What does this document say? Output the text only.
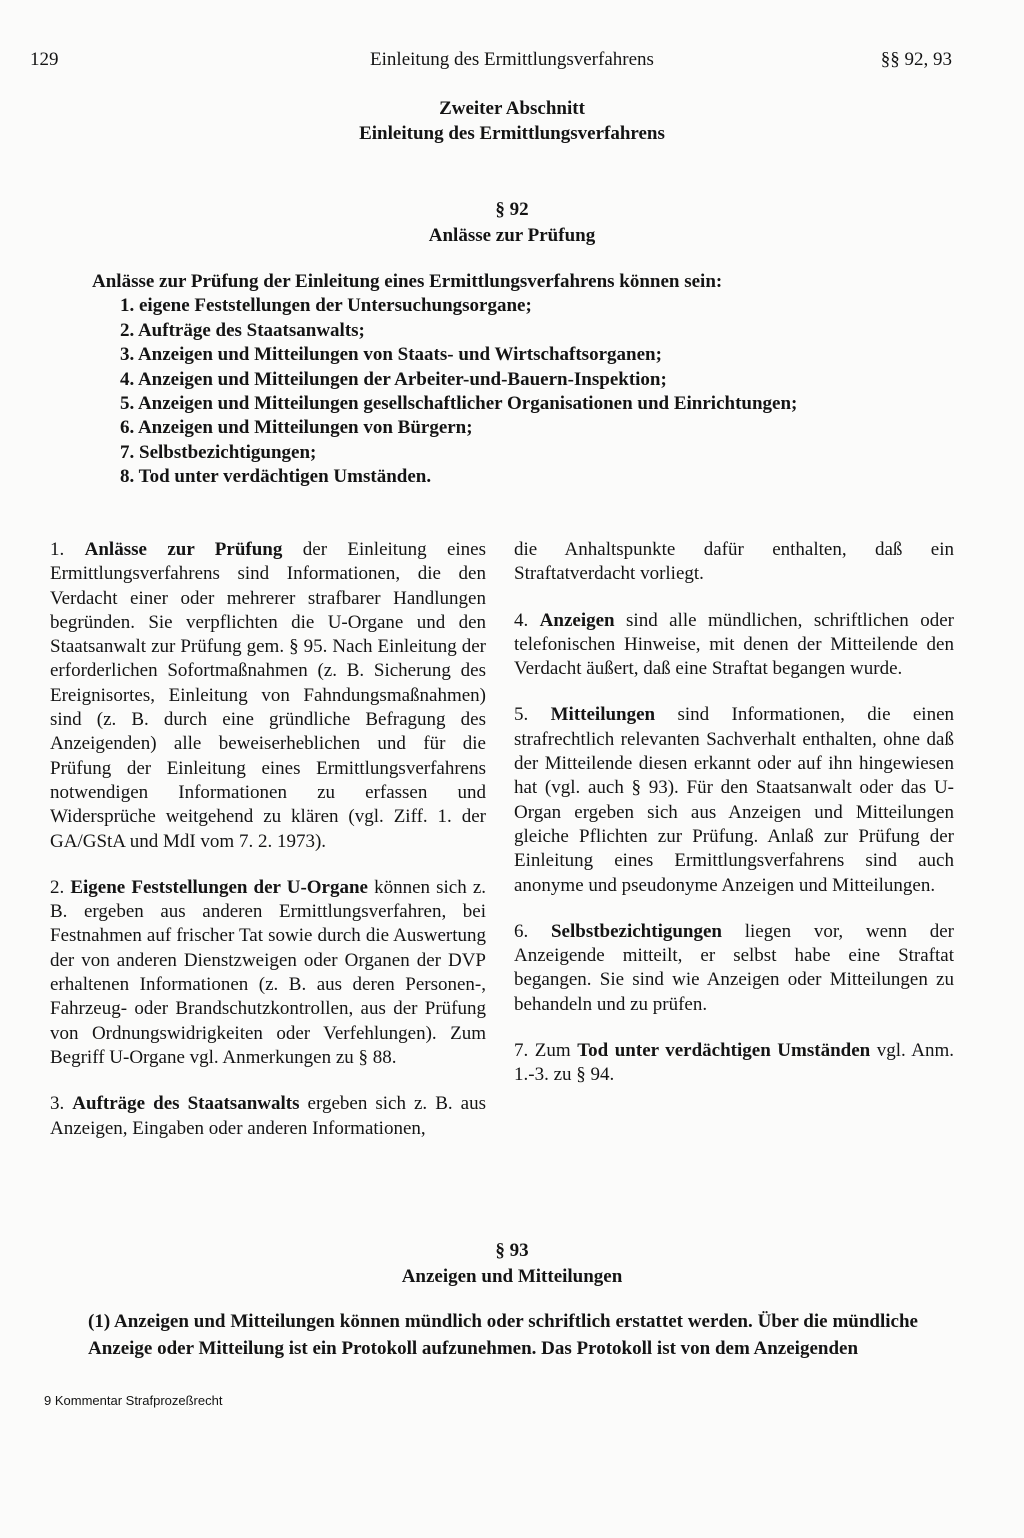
129	Einleitung des Ermittlungsverfahrens	§§ 92, 93
Zweiter Abschnitt
Einleitung des Ermittlungsverfahrens
§ 92
Anlässe zur Prüfung
Anlässe zur Prüfung der Einleitung eines Ermittlungsverfahrens können sein:
1. eigene Feststellungen der Untersuchungsorgane;
2. Aufträge des Staatsanwalts;
3. Anzeigen und Mitteilungen von Staats- und Wirtschaftsorganen;
4. Anzeigen und Mitteilungen der Arbeiter-und-Bauern-Inspektion;
5. Anzeigen und Mitteilungen gesellschaftlicher Organisationen und Einrichtungen;
6. Anzeigen und Mitteilungen von Bürgern;
7. Selbstbezichtigungen;
8. Tod unter verdächtigen Umständen.

1. Anlässe zur Prüfung der Einleitung eines Ermittlungsverfahrens sind Informationen, die den Verdacht einer oder mehrerer strafbarer Handlungen begründen. Sie verpflichten die U-Organe und den Staatsanwalt zur Prüfung gem. § 95. Nach Einleitung der erforderlichen Sofortmaßnahmen (z. B. Sicherung des Ereignisortes, Einleitung von Fahndungsmaßnahmen) sind (z. B. durch eine gründliche Befragung des Anzeigenden) alle beweiserheblichen und für die Prüfung der Einleitung eines Ermittlungsverfahrens notwendigen Informationen zu erfassen und Widersprüche weitgehend zu klären (vgl. Ziff. 1. der GA/GStA und MdI vom 7. 2. 1973).

2. Eigene Feststellungen der U-Organe können sich z. B. ergeben aus anderen Ermittlungsverfahren, bei Festnahmen auf frischer Tat sowie durch die Auswertung der von anderen Dienstzweigen oder Organen der DVP erhaltenen Informationen (z. B. aus deren Personen-, Fahrzeug- oder Brandschutzkontrollen, aus der Prüfung von Ordnungswidrigkeiten oder Verfehlungen). Zum Begriff U-Organe vgl. Anmerkungen zu § 88.

3. Aufträge des Staatsanwalts ergeben sich z. B. aus Anzeigen, Eingaben oder anderen Informationen,

die Anhaltspunkte dafür enthalten, daß ein Straftatverdacht vorliegt.

4. Anzeigen sind alle mündlichen, schriftlichen oder telefonischen Hinweise, mit denen der Mitteilende den Verdacht äußert, daß eine Straftat begangen wurde.

5. Mitteilungen sind Informationen, die einen strafrechtlich relevanten Sachverhalt enthalten, ohne daß der Mitteilende diesen erkannt oder auf ihn hingewiesen hat (vgl. auch § 93). Für den Staatsanwalt oder das U-Organ ergeben sich aus Anzeigen und Mitteilungen gleiche Pflichten zur Prüfung. Anlaß zur Prüfung der Einleitung eines Ermittlungsverfahrens sind auch anonyme und pseudonyme Anzeigen und Mitteilungen.

6. Selbstbezichtigungen liegen vor, wenn der Anzeigende mitteilt, er selbst habe eine Straftat begangen. Sie sind wie Anzeigen oder Mitteilungen zu behandeln und zu prüfen.

7. Zum Tod unter verdächtigen Umständen vgl. Anm. 1.-3. zu § 94.

§ 93
Anzeigen und Mitteilungen
(1) Anzeigen und Mitteilungen können mündlich oder schriftlich erstattet werden. Über die mündliche Anzeige oder Mitteilung ist ein Protokoll aufzunehmen. Das Protokoll ist von dem Anzeigenden
9 Kommentar Strafprozeßrecht
